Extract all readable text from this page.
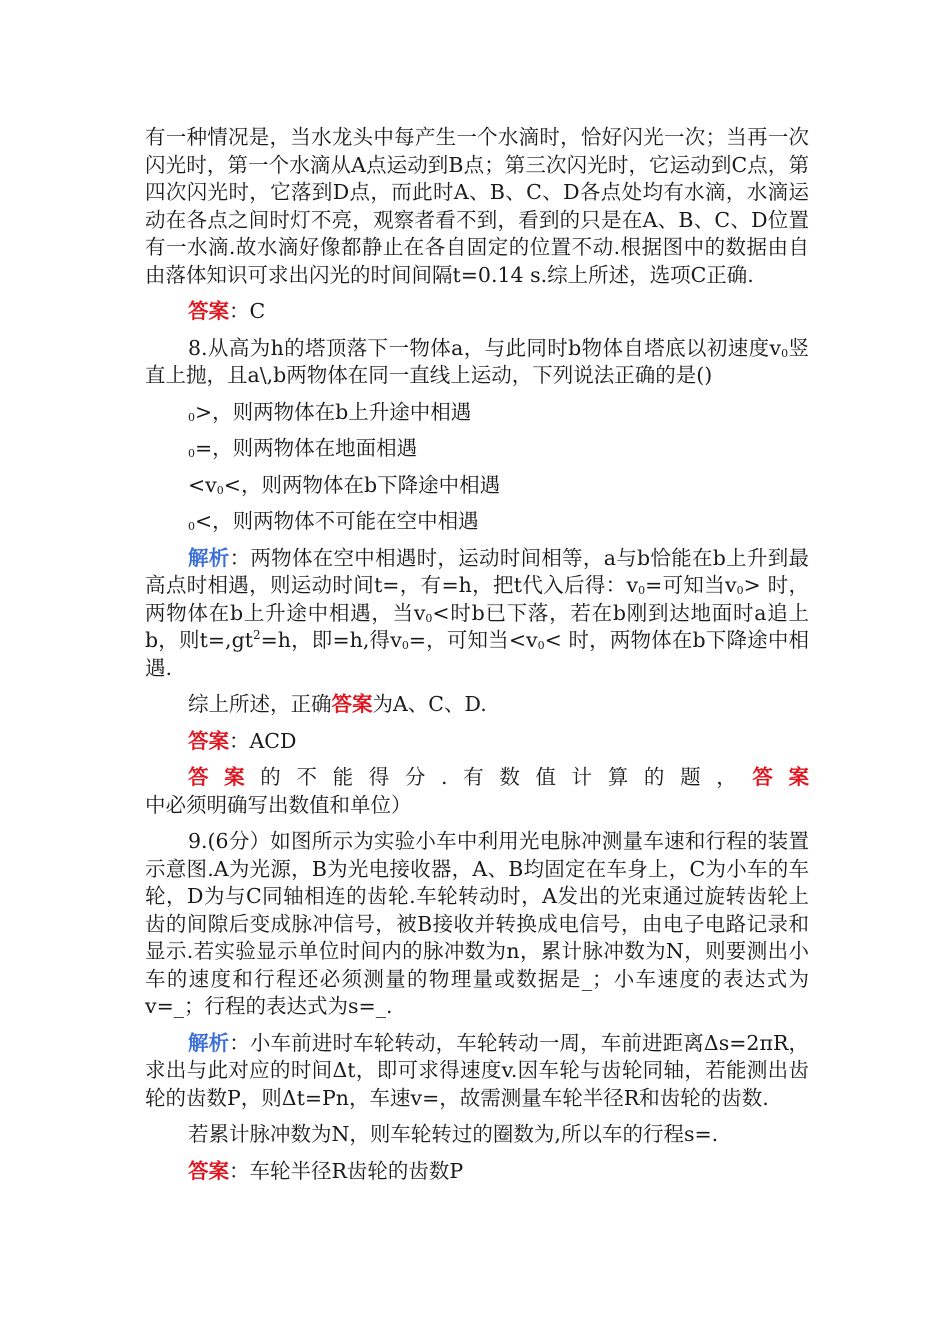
有一种情况是，当水龙头中每产生一个水滴时，恰好闪光一次；当再一次闪光时，第一个水滴从A点运动到B点；第三次闪光时，它运动到C点，第四次闪光时，它落到D点，而此时A、B、C、D各点处均有水滴，水滴运动在各点之间时灯不亮，观察者看不到，看到的只是在A、B、C、D位置有一水滴.故水滴好像都静止在各自固定的位置不动.根据图中的数据由自由落体知识可求出闪光的时间间隔t=0.14 s.综上所述，选项C正确.

答案：C

8.从高为h的塔顶落下一物体a，与此同时b物体自塔底以初速度$v_0$竖直上抛，且a\,b两物体在同一直线上运动，下列说法正确的是()

$_0$>，则两物体在b上升途中相遇

$_0$=，则两物体在地面相遇

$<v_0<$，则两物体在b下降途中相遇

$_0$<，则两物体不可能在空中相遇

解析：两物体在空中相遇时，运动时间相等，a与b恰能在b上升到最高点时相遇，则运动时间t=，有=h，把t代入后得：$v_0=$可知当$v_0>$ 时，两物体在b上升途中相遇，当$v_0<$时b已下落，若在b刚到达地面时a追上b，则$t=,gt^2=h$，即=h,得$v_0=$，可知当$<v_0<$ 时，两物体在b下降途中相遇.

综上所述，正确答案为A、C、D.

答案：ACD

答案的不能得分.有数值计算的题，答案中必须明确写出数值和单位）

9.(6分）如图所示为实验小车中利用光电脉冲测量车速和行程的装置示意图.A为光源，B为光电接收器，A、B均固定在车身上，C为小车的车轮，D为与C同轴相连的齿轮.车轮转动时，A发出的光束通过旋转齿轮上齿的间隙后变成脉冲信号，被B接收并转换成电信号，由电子电路记录和显示.若实验显示单位时间内的脉冲数为n，累计脉冲数为N，则要测出小车的速度和行程还必须测量的物理量或数据是_；小车速度的表达式为v=_；行程的表达式为s=_.

解析：小车前进时车轮转动，车轮转动一周，车前进距离Δs=2πR，求出与此对应的时间Δt，即可求得速度v.因车轮与齿轮同轴，若能测出齿轮的齿数P，则Δt=Pn，车速v=，故需测量车轮半径R和齿轮的齿数.

若累计脉冲数为N，则车轮转过的圈数为,所以车的行程s=.

答案：车轮半径R齿轮的齿数P
